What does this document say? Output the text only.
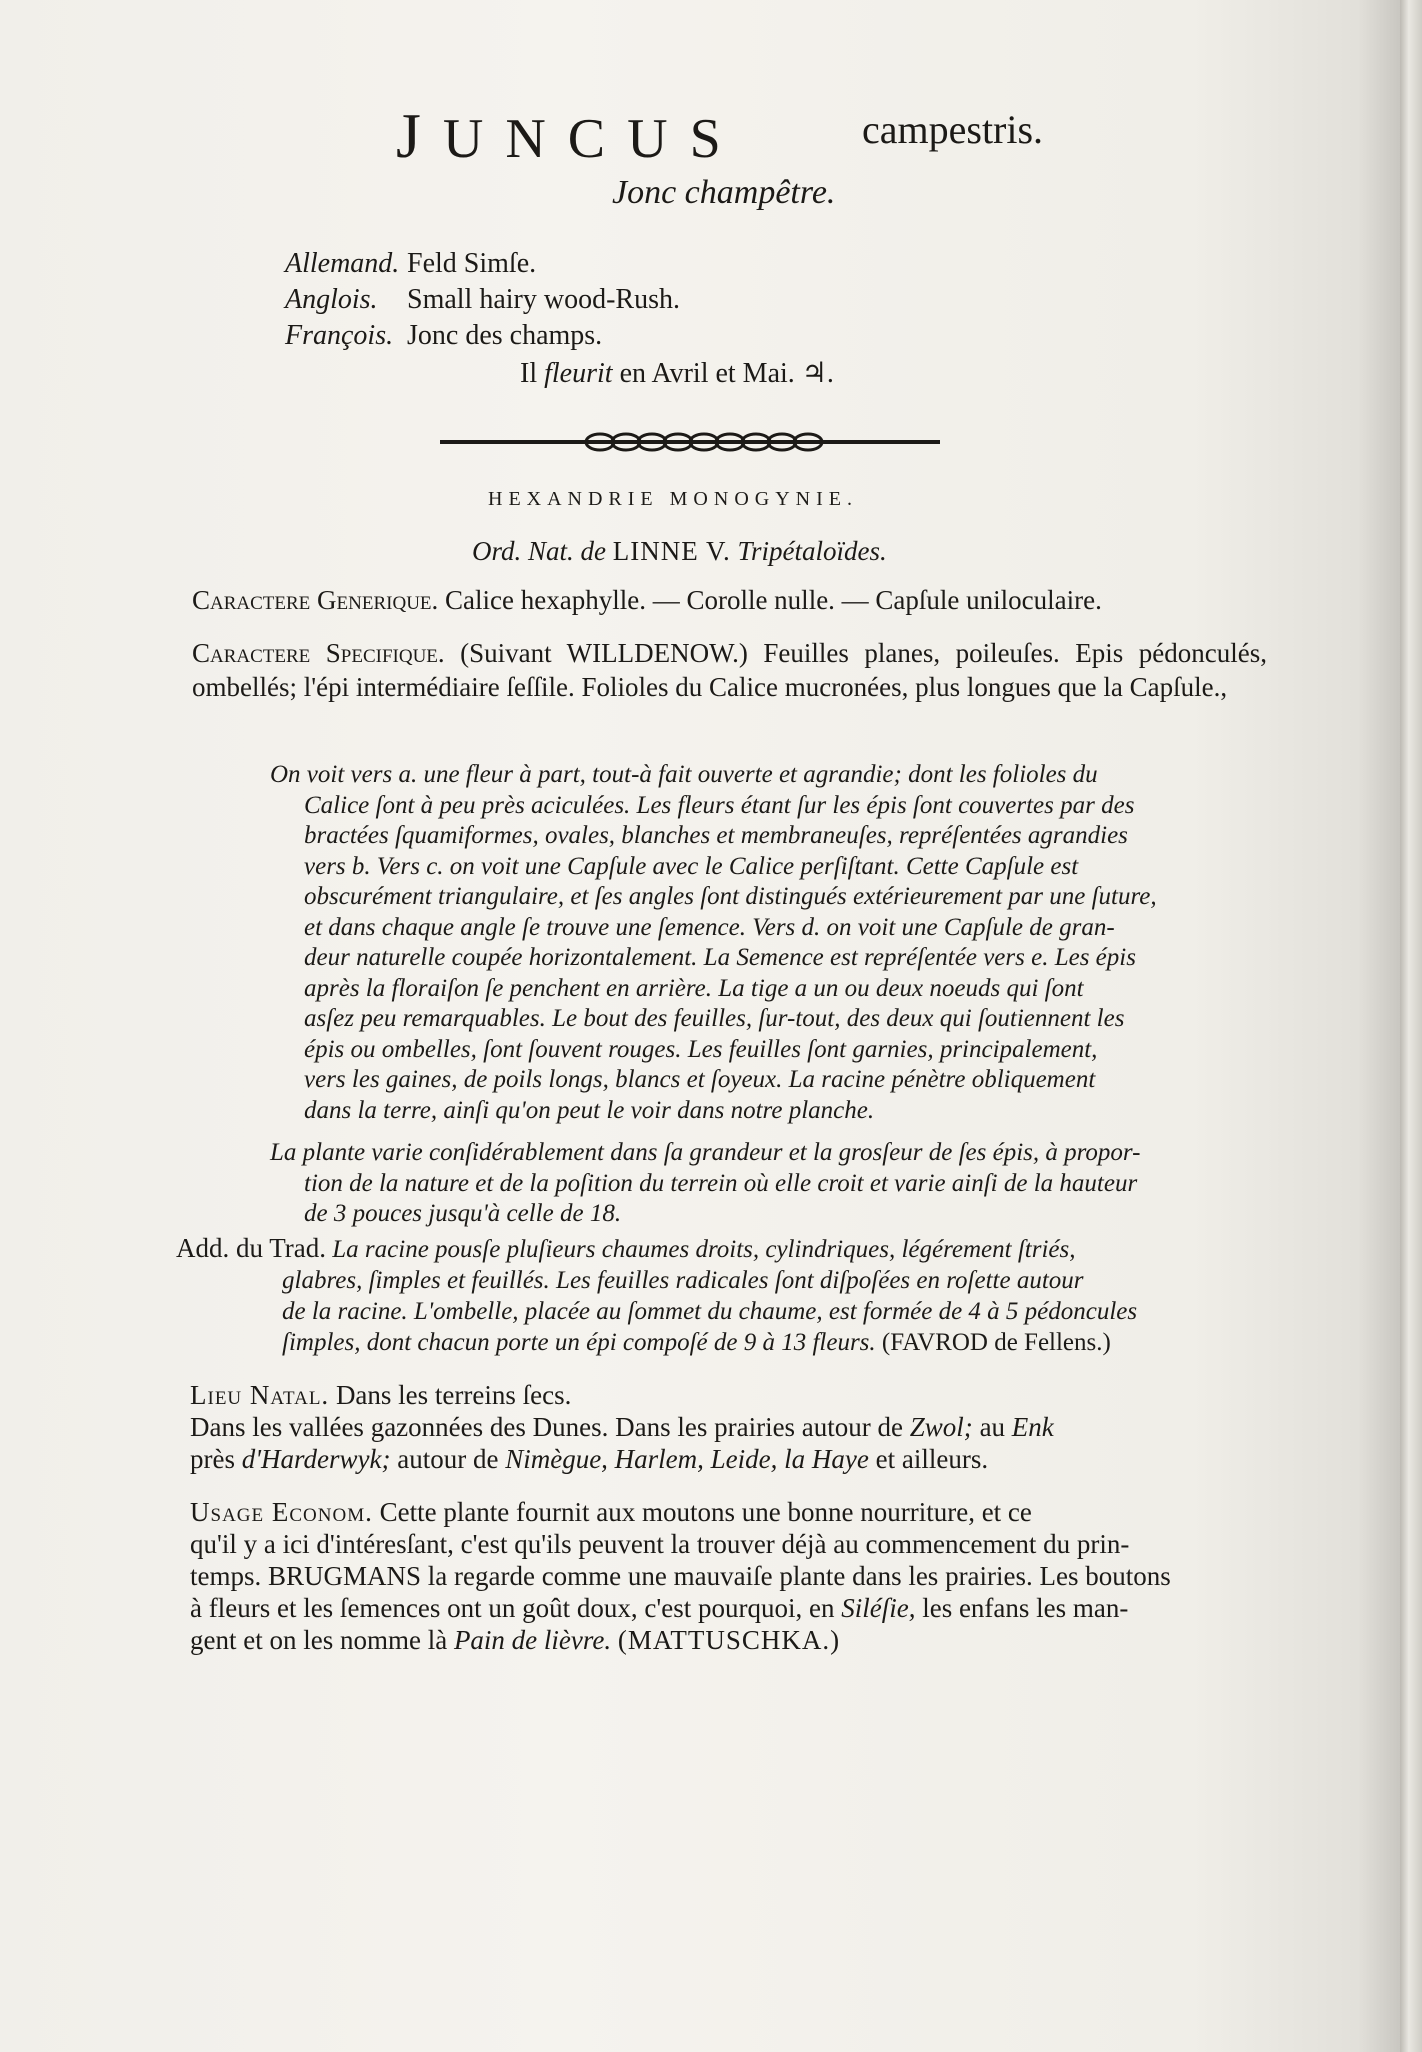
JUNCUS	campestris.
Jonc champêtre.
Allemand. Feld Simſe.
Anglois. Small hairy wood-Rush.
François. Jonc des champs.
Il fleurit en Avril et Mai. ♃.
HEXANDRIE MONOGYNIE.
Ord. Nat. de LINNE V. Tripétaloïdes.

Caractere Generique. Calice hexaphylle. — Corolle nulle. — Capſule uniloculaire.

Caractere Specifique. (Suivant WILLDENOW.) Feuilles planes, poileuſes. Epis pédonculés, ombellés; l'épi intermédiaire ſeſſile. Folioles du Calice mucronées, plus longues que la Capſule.,

On voit vers a. une fleur à part, tout-à fait ouverte et agrandie; dont les folioles du
Calice ſont à peu près aciculées. Les fleurs étant ſur les épis ſont couvertes par des
bractées ſquamiformes, ovales, blanches et membraneuſes, repréſentées agrandies
vers b. Vers c. on voit une Capſule avec le Calice perſiſtant. Cette Capſule est
obscurément triangulaire, et ſes angles ſont distingués extérieurement par une ſuture,
et dans chaque angle ſe trouve une ſemence. Vers d. on voit une Capſule de gran-
deur naturelle coupée horizontalement. La Semence est repréſentée vers e. Les épis
après la floraiſon ſe penchent en arrière. La tige a un ou deux noeuds qui ſont
asſez peu remarquables. Le bout des feuilles, ſur-tout, des deux qui ſoutiennent les
épis ou ombelles, ſont ſouvent rouges. Les feuilles ſont garnies, principalement,
vers les gaines, de poils longs, blancs et ſoyeux. La racine pénètre obliquement
dans la terre, ainſi qu'on peut le voir dans notre planche.
La plante varie conſidérablement dans ſa grandeur et la grosſeur de ſes épis, à propor-
tion de la nature et de la poſition du terrein où elle croit et varie ainſi de la hauteur
de 3 pouces jusqu'à celle de 18.
Add. du Trad. La racine pousſe pluſieurs chaumes droits, cylindriques, légérement ſtriés,
glabres, ſimples et feuillés. Les feuilles radicales ſont diſpoſées en roſette autour
de la racine. L'ombelle, placée au ſommet du chaume, est formée de 4 à 5 pédoncules
ſimples, dont chacun porte un épi compoſé de 9 à 13 fleurs. (FAVROD de Fellens.)
Lieu Natal. Dans les terreins ſecs.
Dans les vallées gazonnées des Dunes. Dans les prairies autour de Zwol; au Enk
près d'Harderwyk; autour de Nimègue, Harlem, Leide, la Haye et ailleurs.
Usage Econom. Cette plante fournit aux moutons une bonne nourriture, et ce
qu'il y a ici d'intéresſant, c'est qu'ils peuvent la trouver déjà au commencement du prin-
temps. BRUGMANS la regarde comme une mauvaiſe plante dans les prairies. Les boutons
à fleurs et les ſemences ont un goût doux, c'est pourquoi, en Siléſie, les enfans les man-
gent et on les nomme là Pain de lièvre. (MATTUSCHKA.)
